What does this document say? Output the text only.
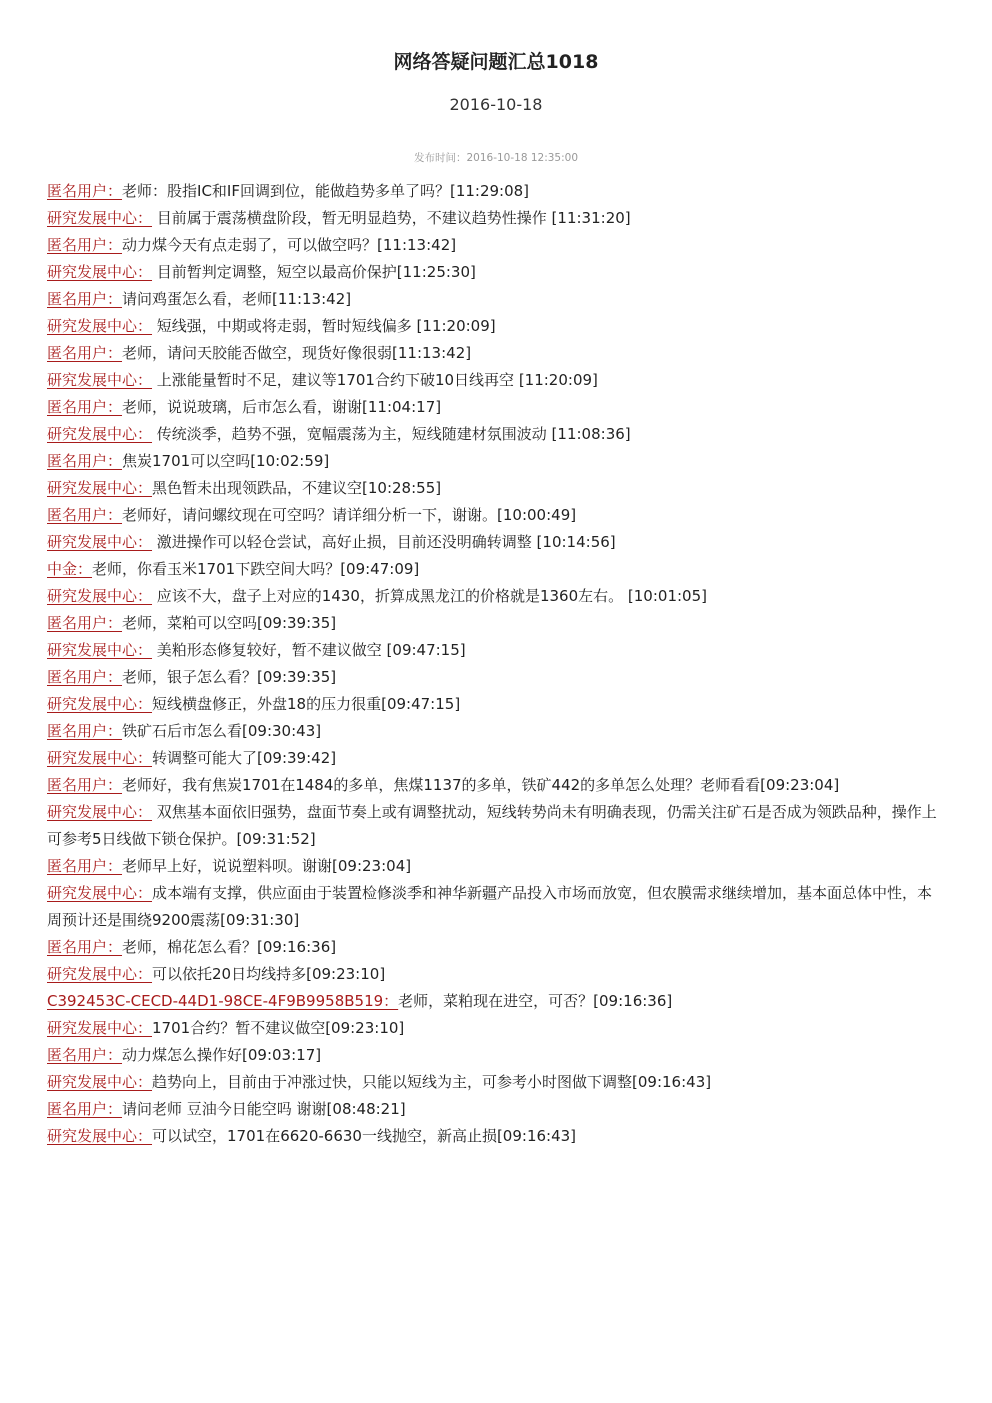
网络答疑问题汇总1018
2016-10-18
发布时间：2016-10-18 12:35:00

匿名用户：老师：股指IC和IF回调到位，能做趋势多单了吗？[11:29:08]

研究发展中心： 目前属于震荡横盘阶段，暂无明显趋势，不建议趋势性操作 [11:31:20]

匿名用户：动力煤今天有点走弱了，可以做空吗？[11:13:42]

研究发展中心： 目前暂判定调整，短空以最高价保护[11:25:30]

匿名用户：请问鸡蛋怎么看，老师[11:13:42]

研究发展中心： 短线强，中期或将走弱，暂时短线偏多 [11:20:09]

匿名用户：老师，请问天胶能否做空，现货好像很弱[11:13:42]

研究发展中心： 上涨能量暂时不足，建议等1701合约下破10日线再空 [11:20:09]

匿名用户：老师，说说玻璃，后市怎么看，谢谢[11:04:17]

研究发展中心： 传统淡季，趋势不强，宽幅震荡为主，短线随建材氛围波动 [11:08:36]

匿名用户：焦炭1701可以空吗[10:02:59]

研究发展中心：黑色暂未出现领跌品，不建议空[10:28:55]

匿名用户：老师好，请问螺纹现在可空吗？请详细分析一下，谢谢。[10:00:49]

研究发展中心： 激进操作可以轻仓尝试，高好止损，目前还没明确转调整 [10:14:56]

中金：老师，你看玉米1701下跌空间大吗？[09:47:09]

研究发展中心： 应该不大，盘子上对应的1430，折算成黑龙江的价格就是1360左右。 [10:01:05]

匿名用户：老师，菜粕可以空吗[09:39:35]

研究发展中心： 美粕形态修复较好，暂不建议做空 [09:47:15]

匿名用户：老师，银子怎么看？[09:39:35]

研究发展中心：短线横盘修正，外盘18的压力很重[09:47:15]

匿名用户：铁矿石后市怎么看[09:30:43]

研究发展中心：转调整可能大了[09:39:42]

匿名用户：老师好，我有焦炭1701在1484的多单，焦煤1137的多单，铁矿442的多单怎么处理？老师看看[09:23:04]

研究发展中心： 双焦基本面依旧强势，盘面节奏上或有调整扰动，短线转势尚未有明确表现，仍需关注矿石是否成为领跌品种，操作上可参考5日线做下锁仓保护。[09:31:52]

匿名用户：老师早上好，说说塑料呗。谢谢[09:23:04]

研究发展中心：成本端有支撑，供应面由于装置检修淡季和神华新疆产品投入市场而放宽，但农膜需求继续增加，基本面总体中性，本周预计还是围绕9200震荡[09:31:30]

匿名用户：老师，棉花怎么看？[09:16:36]

研究发展中心：可以依托20日均线持多[09:23:10]

C392453C-CECD-44D1-98CE-4F9B9958B519：老师，菜粕现在进空，可否？[09:16:36]

研究发展中心：1701合约？暂不建议做空[09:23:10]

匿名用户：动力煤怎么操作好[09:03:17]

研究发展中心：趋势向上，目前由于冲涨过快，只能以短线为主，可参考小时图做下调整[09:16:43]

匿名用户：请问老师 豆油今日能空吗 谢谢[08:48:21]

研究发展中心：可以试空，1701在6620-6630一线抛空，新高止损[09:16:43]
